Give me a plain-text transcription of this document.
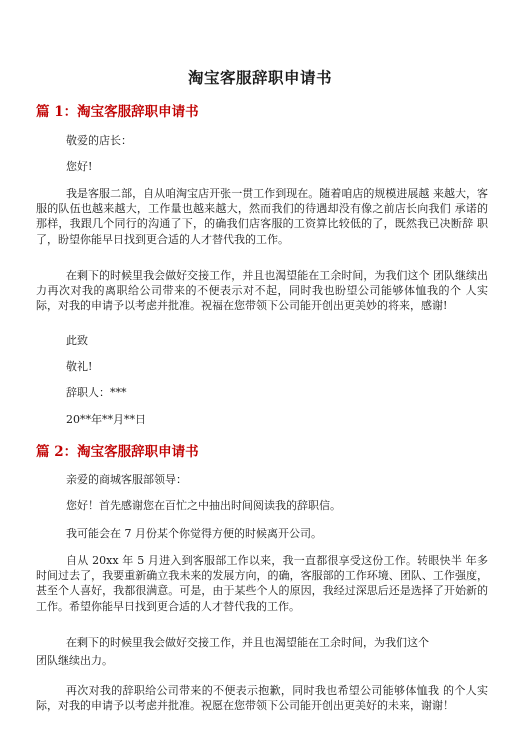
淘宝客服辞职申请书
篇 1：淘宝客服辞职申请书
敬爱的店长：
您好!
我是客服二部，自从咱淘宝店开张一贯工作到现在。随着咱店的规模进展越 来越大，客服的队伍也越来越大，工作量也越来越大，然而我们的待遇却没有像之前店长向我们 承诺的那样，我跟几个同行的沟通了下，的确我们店客服的工资算比较低的了，既然我已决断辞 职了，盼望你能早日找到更合适的人才替代我的工作。
在剩下的时候里我会做好交接工作，并且也渴望能在工余时间，为我们这个 团队继续出力再次对我的离职给公司带来的不便表示对不起，同时我也盼望公司能够体恤我的个 人实际，对我的申请予以考虑并批准。祝福在您带领下公司能开创出更美妙的将来，感谢!
此致
敬礼!
辞职人：***
20**年**月**日
篇 2：淘宝客服辞职申请书
亲爱的商城客服部领导：
您好！首先感谢您在百忙之中抽出时间阅读我的辞职信。
我可能会在 7 月份某个你觉得方便的时候离开公司。
自从 20xx 年 5 月进入到客服部工作以来，我一直都很享受这份工作。转眼快半 年多时间过去了，我要重新确立我未来的发展方向，的确，客服部的工作环境、团队、工作强度，甚至个人喜好，我都很满意。可是，由于某些个人的原因，我经过深思后还是选择了开始新的 工作。希望你能早日找到更合适的人才替代我的工作。
在剩下的时候里我会做好交接工作，并且也渴望能在工余时间，为我们这个
团队继续出力。
再次对我的辞职给公司带来的不便表示抱歉，同时我也希望公司能够体恤我 的个人实际，对我的申请予以考虑并批准。祝愿在您带领下公司能开创出更美好的未来，谢谢！
